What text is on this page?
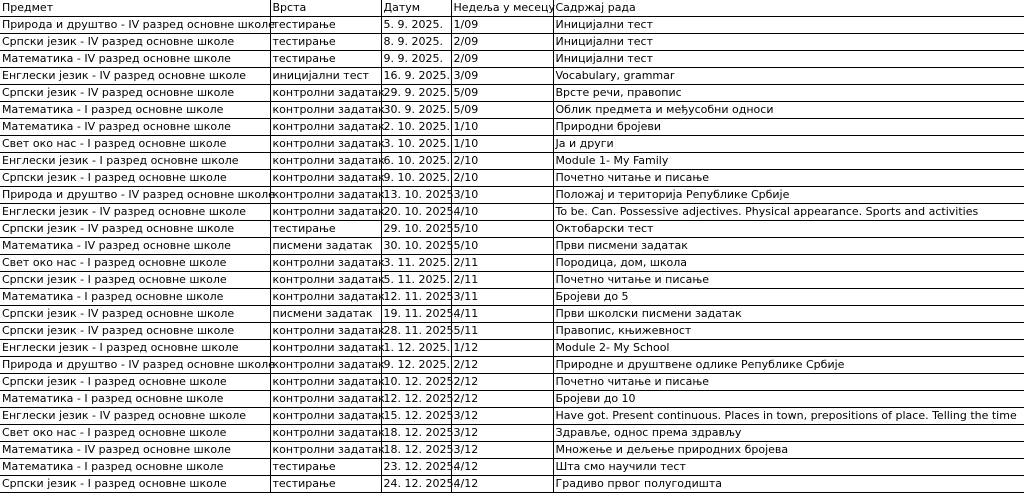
Предмет	Врста	Датум	Недеља у месецу	Садржај рада
Природа и друштво - IV разред основне школе	тестирање	5. 9. 2025.	1/09	Иницијални тест
Српски језик - IV разред основне школе	тестирање	8. 9. 2025.	2/09	Иницијални тест
Математика - IV разред основне школе	тестирање	9. 9. 2025.	2/09	Иницијални тест
Енглески језик - IV разред основне школе	иницијални тест	16. 9. 2025.	3/09	Vocabulary, grammar
Српски језик - IV разред основне школе	контролни задатак	29. 9. 2025.	5/09	Врсте речи, правопис
Математика - I разред основне школе	контролни задатак	30. 9. 2025.	5/09	Облик предмета и међусобни односи
Математика - IV разред основне школе	контролни задатак	2. 10. 2025.	1/10	Природни бројеви
Свет око нас - I разред основне школе	контролни задатак	3. 10. 2025.	1/10	Ја и други
Енглески језик - I разред основне школе	контролни задатак	6. 10. 2025.	2/10	Module 1- My Family
Српски језик - I разред основне школе	контролни задатак	9. 10. 2025.	2/10	Почетно читање и писање
Природа и друштво - IV разред основне школе	контролни задатак	13. 10. 2025.	3/10	Положај и територија Републике Србије
Енглески језик - IV разред основне школе	контролни задатак	20. 10. 2025.	4/10	To be. Can. Possessive adjectives. Physical appearance. Sports and activities
Српски језик - IV разред основне школе	тестирање	29. 10. 2025.	5/10	Октобарски тест
Математика - IV разред основне школе	писмени задатак	30. 10. 2025.	5/10	Први писмени задатак
Свет око нас - I разред основне школе	контролни задатак	3. 11. 2025.	2/11	Породица, дом, школа
Српски језик - I разред основне школе	контролни задатак	5. 11. 2025.	2/11	Почетно читање и писање
Математика - I разред основне школе	контролни задатак	12. 11. 2025.	3/11	Бројеви до 5
Српски језик - IV разред основне школе	писмени задатак	19. 11. 2025.	4/11	Први школски писмени задатак
Српски језик - IV разред основне школе	контролни задатак	28. 11. 2025.	5/11	Правопис, књижевност
Енглески језик - I разред основне школе	контролни задатак	1. 12. 2025.	1/12	Module 2- My School
Природа и друштво - IV разред основне школе	контролни задатак	9. 12. 2025.	2/12	Природне и друштвене одлике Републике Србије
Српски језик - I разред основне школе	контролни задатак	10. 12. 2025.	2/12	Почетно читање и писање
Математика - I разред основне школе	контролни задатак	12. 12. 2025.	2/12	Бројеви до 10
Енглески језик - IV разред основне школе	контролни задатак	15. 12. 2025.	3/12	Have got. Present continuous. Places in town, prepositions of place. Telling the time
Свет око нас - I разред основне школе	контролни задатак	18. 12. 2025.	3/12	Здравље, однос према здрављу
Математика - IV разред основне школе	контролни задатак	18. 12. 2025.	3/12	Множење и дељење природних бројева
Математика - I разред основне школе	тестирање	23. 12. 2025.	4/12	Шта смо научили тест
Српски језик - I разред основне школе	тестирање	24. 12. 2025.	4/12	Градиво првог полугодишта
